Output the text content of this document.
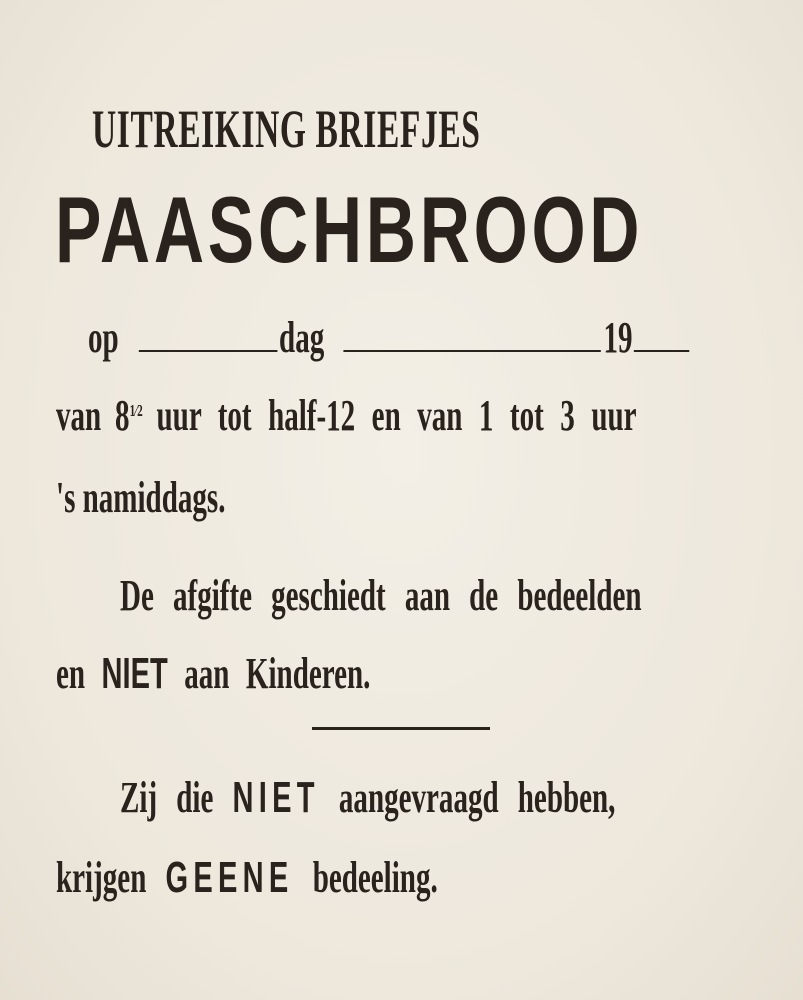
UITREIKING BRIEFJES
PAASCHBROOD
op	dag	19
van 81⁄2 uur tot half-12 en van 1 tot 3 uur
's namiddags.
De afgifte geschiedt aan de bedeelden
en NIET aan Kinderen.
Zij die NIET aangevraagd hebben,
krijgen GEENE bedeeling.
